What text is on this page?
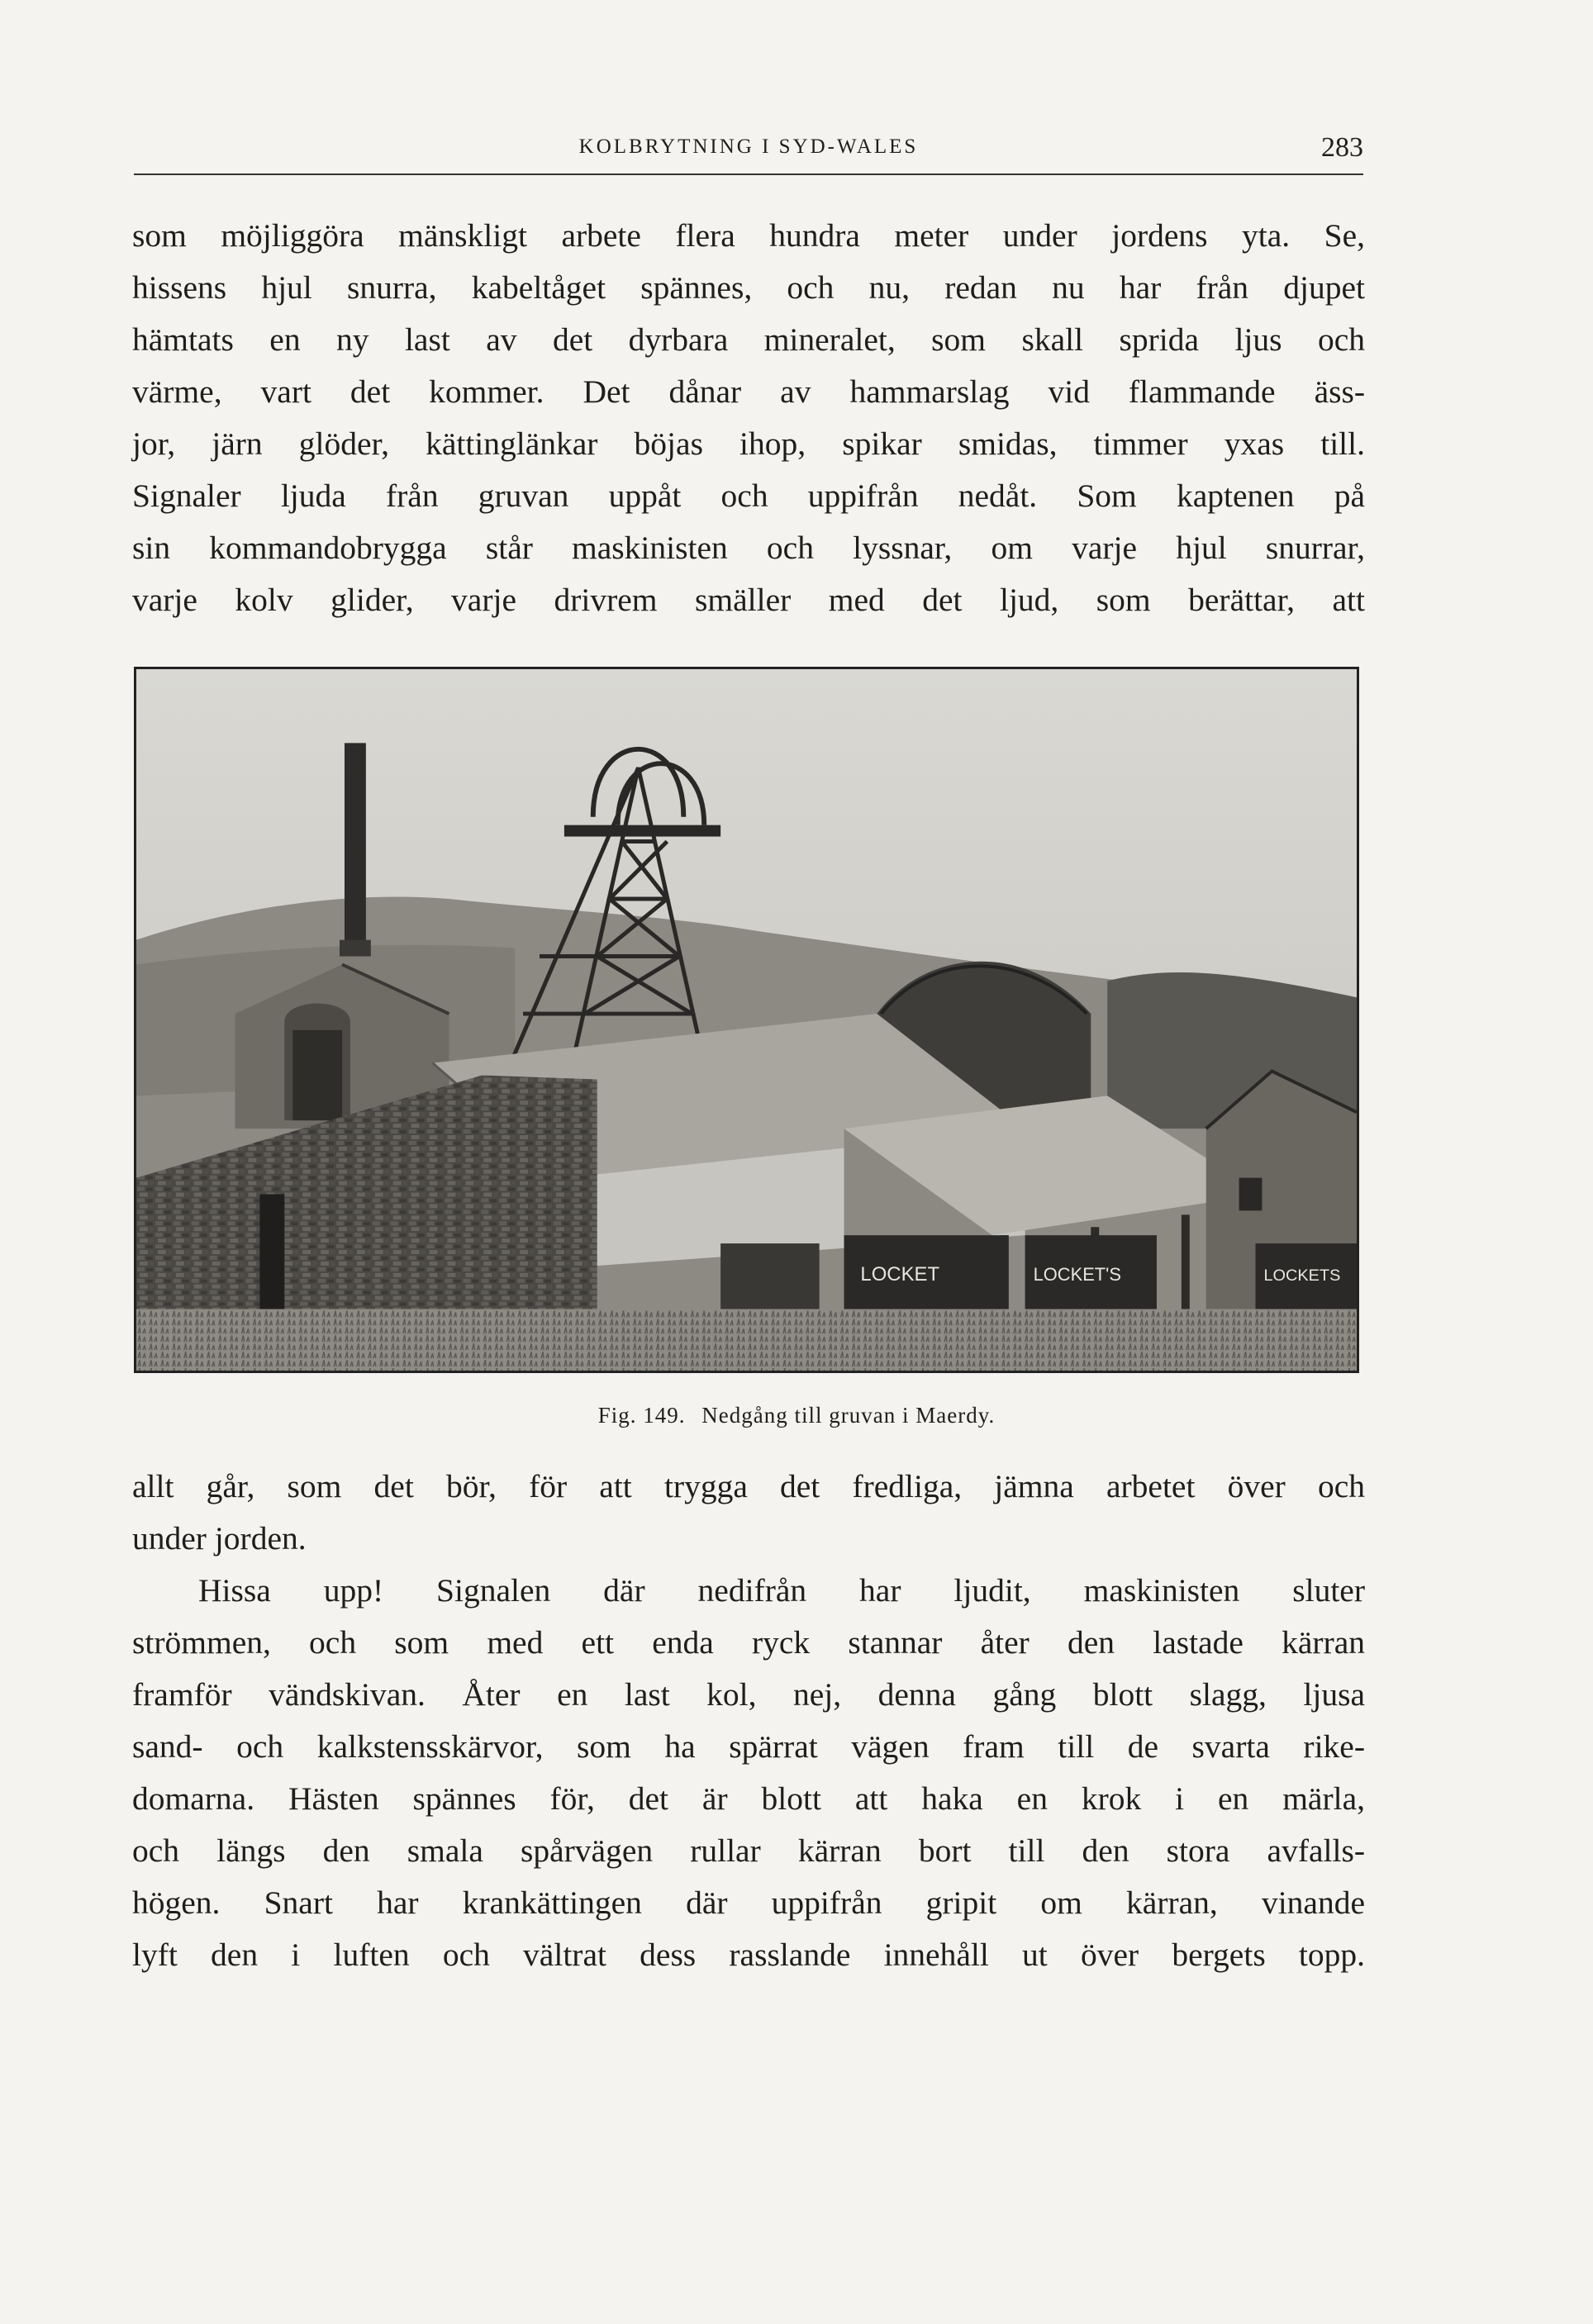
KOLBRYTNING I SYD-WALES	283

som möjliggöra mänskligt arbete flera hundra meter under jordens yta. Se,
hissens hjul snurra, kabeltåget spännes, och nu, redan nu har från djupet
hämtats en ny last av det dyrbara mineralet, som skall sprida ljus och
värme, vart det kommer. Det dånar av hammarslag vid flammande äss-
jor, järn glöder, kättinglänkar böjas ihop, spikar smidas, timmer yxas till.
Signaler ljuda från gruvan uppåt och uppifrån nedåt. Som kaptenen på
sin kommandobrygga står maskinisten och lyssnar, om varje hjul snurrar,
varje kolv glider, varje drivrem smäller med det ljud, som berättar, att

LOCKET	LOCKET'S	LOCKETS
Fig. 149. Nedgång till gruvan i Maerdy.

allt går, som det bör, för att trygga det fredliga, jämna arbetet över och
under jorden.

Hissa upp! Signalen där nedifrån har ljudit, maskinisten sluter
strömmen, och som med ett enda ryck stannar åter den lastade kärran
framför vändskivan. Åter en last kol, nej, denna gång blott slagg, ljusa
sand- och kalkstensskärvor, som ha spärrat vägen fram till de svarta rike-
domarna. Hästen spännes för, det är blott att haka en krok i en märla,
och längs den smala spårvägen rullar kärran bort till den stora avfalls-
högen. Snart har krankättingen där uppifrån gripit om kärran, vinande
lyft den i luften och vältrat dess rasslande innehåll ut över bergets topp.
